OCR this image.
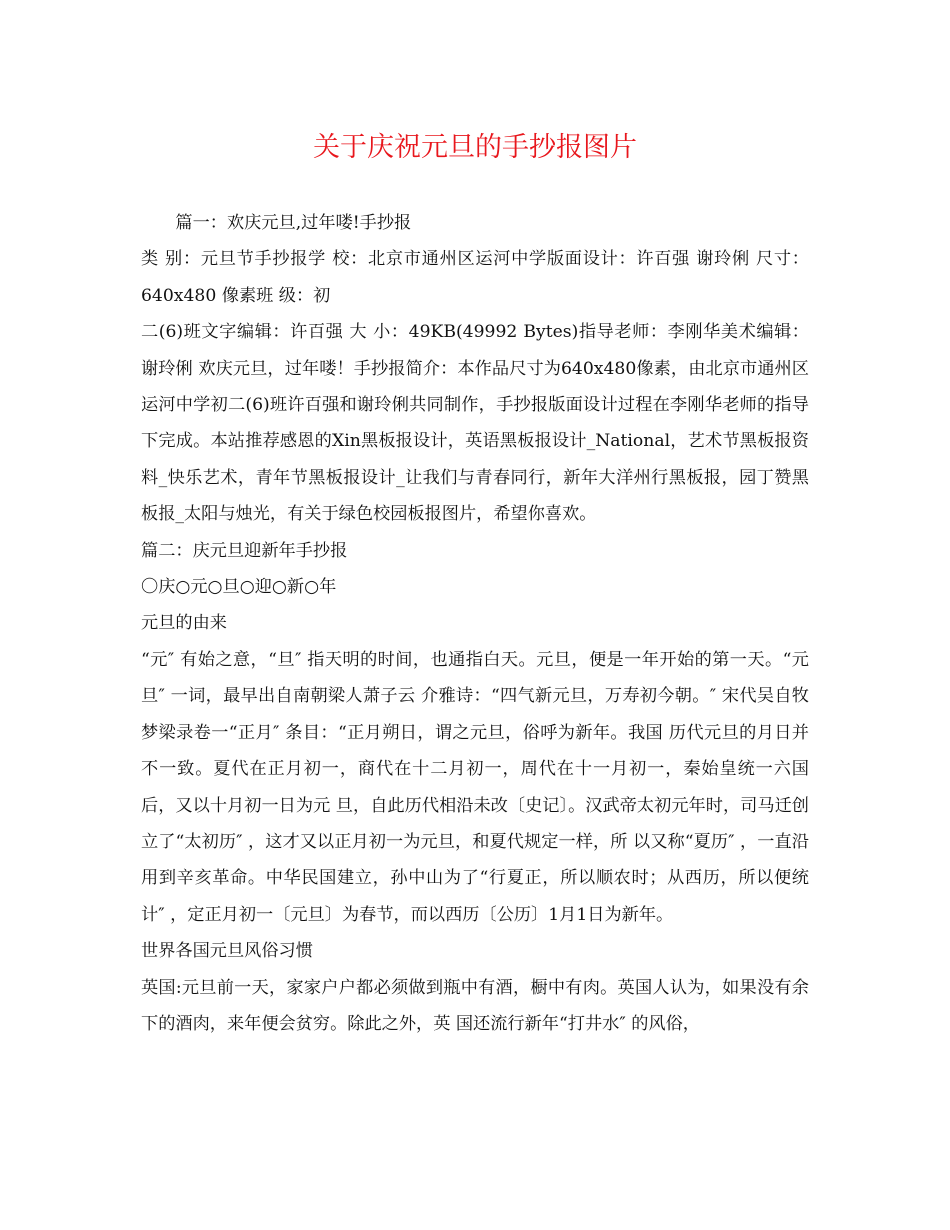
关于庆祝元旦的手抄报图片

篇一：欢庆元旦,过年喽!手抄报

类 别：元旦节手抄报学 校：北京市通州区运河中学版面设计：许百强 谢玲俐 尺寸：640x480 像素班 级：初

二(6)班文字编辑：许百强 大 小：49KB(49992 Bytes)指导老师：李刚华美术编辑：谢玲俐 欢庆元旦，过年喽！手抄报简介：本作品尺寸为640x480像素，由北京市通州区运河中学初二(6)班许百强和谢玲俐共同制作，手抄报版面设计过程在李刚华老师的指导下完成。本站推荐感恩的Xin黑板报设计，英语黑板报设计_National，艺术节黑板报资料_快乐艺术，青年节黑板报设计_让我们与青春同行，新年大洋州行黑板报，园丁赞黑板报_太阳与烛光，有关于绿色校园板报图片，希望你喜欢。

篇二：庆元旦迎新年手抄报

〇庆○元○旦○迎○新○年

元旦的由来

“元″ 有始之意，“旦″ 指天明的时间，也通指白天。元旦，便是一年开始的第一天。“元旦″ 一词，最早出自南朝梁人萧子云 介雅诗：“四气新元旦，万寿初今朝。″ 宋代吴自牧梦梁录卷一“正月″ 条目：“正月朔日，谓之元旦，俗呼为新年。我国 历代元旦的月日并不一致。夏代在正月初一，商代在十二月初一，周代在十一月初一，秦始皇统一六国后，又以十月初一日为元 旦，自此历代相沿未改〔史记〕。汉武帝太初元年时，司马迁创立了“太初历″ ，这才又以正月初一为元旦，和夏代规定一样，所 以又称“夏历″ ，一直沿用到辛亥革命。中华民国建立，孙中山为了“行夏正，所以顺农时；从西历，所以便统计″ ，定正月初一〔元旦〕为春节，而以西历〔公历〕1月1日为新年。

世界各国元旦风俗习惯

英国:元旦前一天，家家户户都必须做到瓶中有酒，橱中有肉。英国人认为，如果没有余下的酒肉，来年便会贫穷。除此之外，英 国还流行新年“打井水″ 的风俗，
